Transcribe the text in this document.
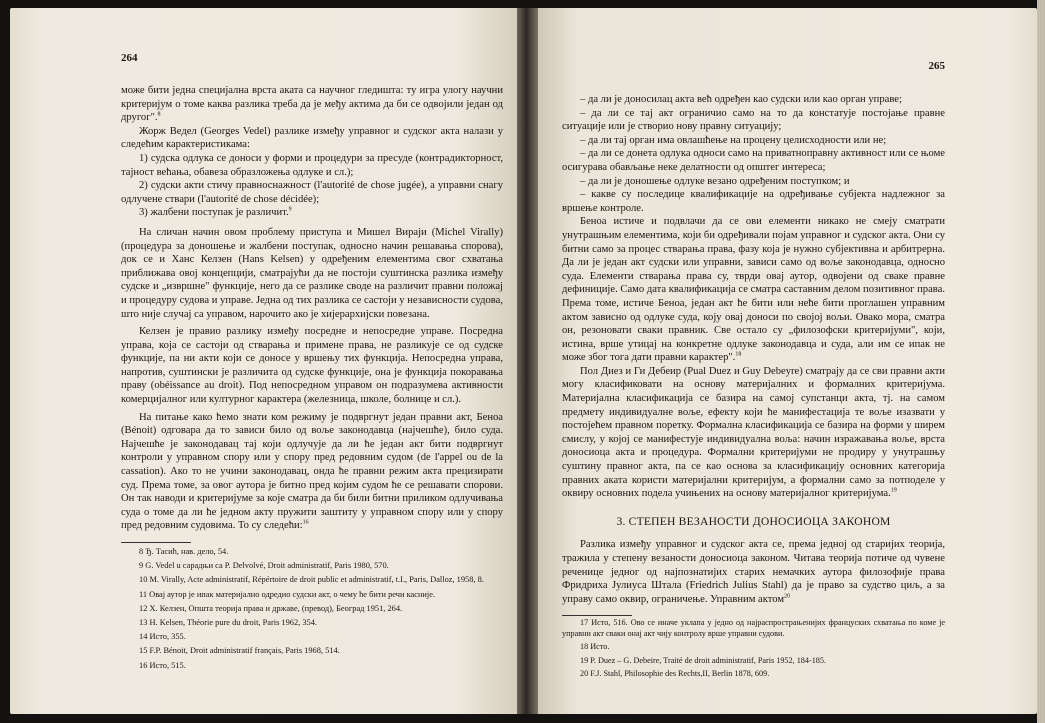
264

може бити једна специјална врста аката са научног гледишта: ту игра улогу научни критеријум о томе каква разлика треба да је међу актима да би се одвојили један од другог".$^8$

Жорж Ведел (Georges Vedel) разликe између управног и судског акта налази у следећим карактеристикама:

1) судска одлука се доноси у форми и процедури за пресуде (контрадикторност, тајност већања, обавеза образложења одлуке и сл.);

2) судски акти стичу правноснажност (l'autorité de chose jugée), а управни снагу одлучене ствари (l'autorité de chose décidée);

3) жалбени поступак је различит.$^9$

На сличан начин овом проблему приступа и Мишел Вираји (Michel Virally) (процедура за доношење и жалбени поступак, односно начин решавања спорова), док се и Ханс Келзен (Hans Kelsen) у одређеним елементима свог схватања приближава овој концепцији, сматрајући да не постоји суштинска разлика између судске и „извршне" функције, него да се разлике своде на различит правни положај и процедуру судова и управе. Једна од тих разлика се састоји у независности судова, што није случај са управом, нарочито ако је хијерархијски повезана.

Келзен је правио разлику између посредне и непосредне управе. Посредна управа, која се састоји од стварања и примене права, не разликује се од судске функције, па ни акти који се доносе у вршењу тих функција. Непосредна управа, напротив, суштински је различита од судске функције, она је функција покоравања праву (obéissance au droit). Под непосредном управом он подразумева активности комерцијалног или културног карактера (железница, школе, болнице и сл.).

На питање како ћемо знати ком режиму је подвргнут један правни акт, Беноа (Bénoit) одговара да то зависи било од воље законодавца (најчешће), било суда. Најчешће је законодавац тај који одлучује да ли ће један акт бити подвргнут контроли у управном спору или у спору пред редовним судом (de l'appel ou de la cassation). Ако то не учини законодавац, онда ће правни режим акта прецизирати суд. Према томе, за овог аутора је битно пред којим судом ће се решавати спорови. Он так наводи и критеријуме за које сматра да би били битни приликом одлучивања суда о томе да ли ће једном акту пружити заштиту у управном спору или у спору пред редовним судовима. То су следећи:$^{16}$

8 Ђ. Тасић, нав. дело, 54.

9 G. Vedel u сарадњи са P. Delvolvé, Droit administratif, Paris 1980, 570.

10 M. Virally, Acte administratif, Répértoire de droit public et administratif, t.I., Paris, Dalloz, 1958, 8.

11 Овај аутор је ипак материјално одредио судски акт, о чему ће бити речи касније.

12 Х. Келзен, Општа теорија права и државе, (превод), Београд 1951, 264.

13 H. Kelsen, Théorie pure du droit, Paris 1962, 354.

14 Исто, 355.

15 F.P. Bénoit, Droit administratif français, Paris 1968, 514.

16 Исто, 515.

265

– да ли је доносилац акта већ одређен као судски или као орган управе;

– да ли се тај акт ограничио само на то да констатује постојање правне ситуације или је створио нову правну ситуацију;

– да ли тај орган има овлашћење на процену целисходности или не;

– да ли се донета одлука односи само на приватноправну активност или се њоме осигурава обављање неке делатности од општег интереса;

– да ли је доношење одлуке везано одређеним поступком; и

– какве су последице квалификације на одређивање субјекта надлежног за вршење контроле.

Беноа истиче и подвлачи да се ови елементи никако не смеју сматрати унутрашњим елементима, који би одређивали појам управног и судског акта. Они су битни само за процес стварања права, фазу која је нужно субјективна и арбитрерна. Да ли је један акт судски или управни, зависи само од воље законодавца, односно суда. Елементи стварања права су, тврди овај аутор, одвојени од сваке правне дефиниције. Само дата квалификација се сматра саставним делом позитивног права. Према томе, истиче Беноа, један акт ће бити или неће бити проглашен управним актом зависно од одлуке суда, коју овај доноси по својој вољи. Овако мора, сматра он, резоновати сваки правник. Све остало су „филозофски критеријуми", који, истина, врше утицај на конкретне одлуке законодавца и суда, али им се ипак не може због тога дати правни карактер".$^{18}$

Пол Диез и Ги Дебеир (Pual Duez и Guy Debeyre) сматрају да се сви правни акти могу класификовати на основу материјалних и формалних критеријума. Материјална класификација се базира на самој супстанци акта, тј. на самом предмету индивидуалне воље, ефекту који ће манифестација те воље изазвати у постојећем правном поретку. Формална класификација се базира на форми у ширем смислу, у којој се манифестује индивидуална воља: начин изражавања воље, врста доносиоца акта и процедура. Формални критеријуми не продиру у унутрашњу суштину правног акта, па се као основа за класификацију основних категорија правних аката користи материјални критеријум, а формални само за потподеле у оквиру основних подела учињених на основу материјалног критеријума.$^{19}$

3. СТЕПЕН ВЕЗАНОСТИ ДОНОСИОЦА ЗАКОНОМ

Разлика између управног и судског акта се, према једној од старијих теорија, тражила у степену везаности доносиоца законом. Читава теорија потиче од чувене реченице једног од најпознатијих старих немачких аутора филозофије права Фридриха Јулиуса Штала (Friedrich Julius Stahl) да је право за судство циљ, а за управу само оквир, ограничење. Управним актом$^{20}$

17 Исто, 516. Ово се иначе уклапа у једно од најраспрострањенијих француских схватања по коме је управни акт сваки онај акт чију контролу врше управни судови.

18 Исто.

19 P. Duez – G. Debeire, Traité de droit administratif, Paris 1952, 184-185.

20 F.J. Stahl, Philosophie des Rechts,II, Berlin 1878, 609.
